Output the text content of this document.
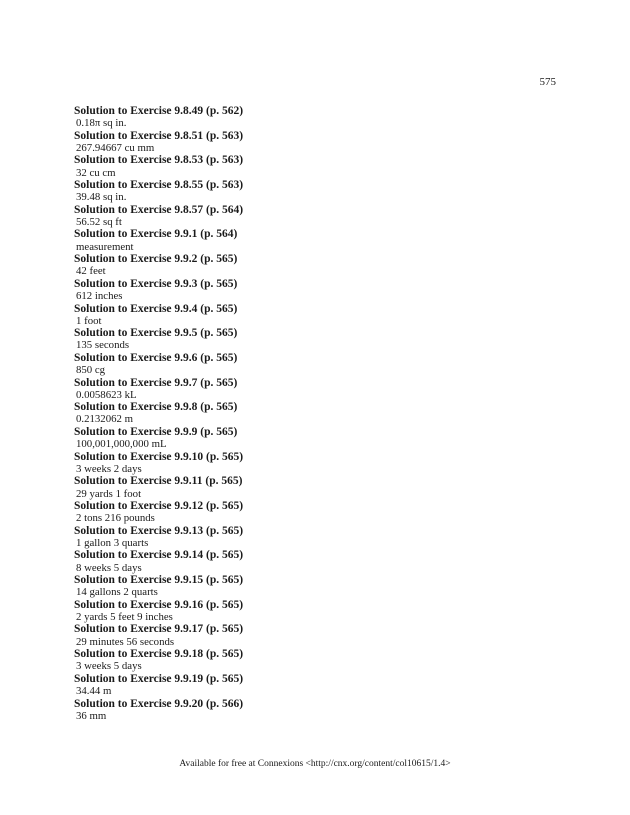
575
Solution to Exercise 9.8.49 (p. 562)
0.18π sq in.
Solution to Exercise 9.8.51 (p. 563)
267.94667 cu mm
Solution to Exercise 9.8.53 (p. 563)
32 cu cm
Solution to Exercise 9.8.55 (p. 563)
39.48 sq in.
Solution to Exercise 9.8.57 (p. 564)
56.52 sq ft
Solution to Exercise 9.9.1 (p. 564)
measurement
Solution to Exercise 9.9.2 (p. 565)
42 feet
Solution to Exercise 9.9.3 (p. 565)
612 inches
Solution to Exercise 9.9.4 (p. 565)
1 foot
Solution to Exercise 9.9.5 (p. 565)
135 seconds
Solution to Exercise 9.9.6 (p. 565)
850 cg
Solution to Exercise 9.9.7 (p. 565)
0.0058623 kL
Solution to Exercise 9.9.8 (p. 565)
0.2132062 m
Solution to Exercise 9.9.9 (p. 565)
100,001,000,000 mL
Solution to Exercise 9.9.10 (p. 565)
3 weeks 2 days
Solution to Exercise 9.9.11 (p. 565)
29 yards 1 foot
Solution to Exercise 9.9.12 (p. 565)
2 tons 216 pounds
Solution to Exercise 9.9.13 (p. 565)
1 gallon 3 quarts
Solution to Exercise 9.9.14 (p. 565)
8 weeks 5 days
Solution to Exercise 9.9.15 (p. 565)
14 gallons 2 quarts
Solution to Exercise 9.9.16 (p. 565)
2 yards 5 feet 9 inches
Solution to Exercise 9.9.17 (p. 565)
29 minutes 56 seconds
Solution to Exercise 9.9.18 (p. 565)
3 weeks 5 days
Solution to Exercise 9.9.19 (p. 565)
34.44 m
Solution to Exercise 9.9.20 (p. 566)
36 mm
Available for free at Connexions <http://cnx.org/content/col10615/1.4>
